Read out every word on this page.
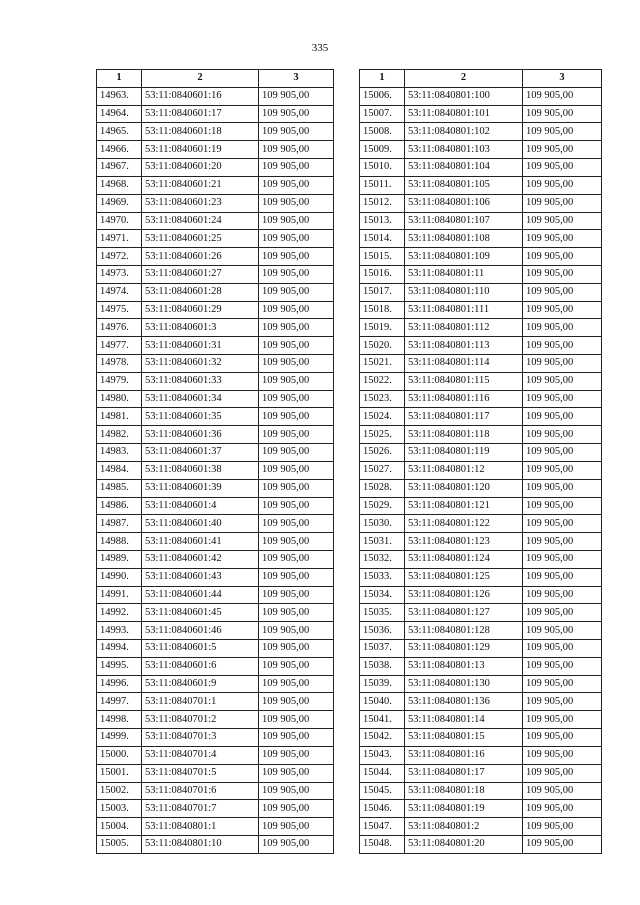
335
1	2	3
14963.	53:11:0840601:16	109 905,00
14964.	53:11:0840601:17	109 905,00
14965.	53:11:0840601:18	109 905,00
14966.	53:11:0840601:19	109 905,00
14967.	53:11:0840601:20	109 905,00
14968.	53:11:0840601:21	109 905,00
14969.	53:11:0840601:23	109 905,00
14970.	53:11:0840601:24	109 905,00
14971.	53:11:0840601:25	109 905,00
14972.	53:11:0840601:26	109 905,00
14973.	53:11:0840601:27	109 905,00
14974.	53:11:0840601:28	109 905,00
14975.	53:11:0840601:29	109 905,00
14976.	53:11:0840601:3	109 905,00
14977.	53:11:0840601:31	109 905,00
14978.	53:11:0840601:32	109 905,00
14979.	53:11:0840601:33	109 905,00
14980.	53:11:0840601:34	109 905,00
14981.	53:11:0840601:35	109 905,00
14982.	53:11:0840601:36	109 905,00
14983.	53:11:0840601:37	109 905,00
14984.	53:11:0840601:38	109 905,00
14985.	53:11:0840601:39	109 905,00
14986.	53:11:0840601:4	109 905,00
14987.	53:11:0840601:40	109 905,00
14988.	53:11:0840601:41	109 905,00
14989.	53:11:0840601:42	109 905,00
14990.	53:11:0840601:43	109 905,00
14991.	53:11:0840601:44	109 905,00
14992.	53:11:0840601:45	109 905,00
14993.	53:11:0840601:46	109 905,00
14994.	53:11:0840601:5	109 905,00
14995.	53:11:0840601:6	109 905,00
14996.	53:11:0840601:9	109 905,00
14997.	53:11:0840701:1	109 905,00
14998.	53:11:0840701:2	109 905,00
14999.	53:11:0840701:3	109 905,00
15000.	53:11:0840701:4	109 905,00
15001.	53:11:0840701:5	109 905,00
15002.	53:11:0840701:6	109 905,00
15003.	53:11:0840701:7	109 905,00
15004.	53:11:0840801:1	109 905,00
15005.	53:11:0840801:10	109 905,00
1	2	3
15006.	53:11:0840801:100	109 905,00
15007.	53:11:0840801:101	109 905,00
15008.	53:11:0840801:102	109 905,00
15009.	53:11:0840801:103	109 905,00
15010.	53:11:0840801:104	109 905,00
15011.	53:11:0840801:105	109 905,00
15012.	53:11:0840801:106	109 905,00
15013.	53:11:0840801:107	109 905,00
15014.	53:11:0840801:108	109 905,00
15015.	53:11:0840801:109	109 905,00
15016.	53:11:0840801:11	109 905,00
15017.	53:11:0840801:110	109 905,00
15018.	53:11:0840801:111	109 905,00
15019.	53:11:0840801:112	109 905,00
15020.	53:11:0840801:113	109 905,00
15021.	53:11:0840801:114	109 905,00
15022.	53:11:0840801:115	109 905,00
15023.	53:11:0840801:116	109 905,00
15024.	53:11:0840801:117	109 905,00
15025.	53:11:0840801:118	109 905,00
15026.	53:11:0840801:119	109 905,00
15027.	53:11:0840801:12	109 905,00
15028.	53:11:0840801:120	109 905,00
15029.	53:11:0840801:121	109 905,00
15030.	53:11:0840801:122	109 905,00
15031.	53:11:0840801:123	109 905,00
15032.	53:11:0840801:124	109 905,00
15033.	53:11:0840801:125	109 905,00
15034.	53:11:0840801:126	109 905,00
15035.	53:11:0840801:127	109 905,00
15036.	53:11:0840801:128	109 905,00
15037.	53:11:0840801:129	109 905,00
15038.	53:11:0840801:13	109 905,00
15039.	53:11:0840801:130	109 905,00
15040.	53:11:0840801:136	109 905,00
15041.	53:11:0840801:14	109 905,00
15042.	53:11:0840801:15	109 905,00
15043.	53:11:0840801:16	109 905,00
15044.	53:11:0840801:17	109 905,00
15045.	53:11:0840801:18	109 905,00
15046.	53:11:0840801:19	109 905,00
15047.	53:11:0840801:2	109 905,00
15048.	53:11:0840801:20	109 905,00
